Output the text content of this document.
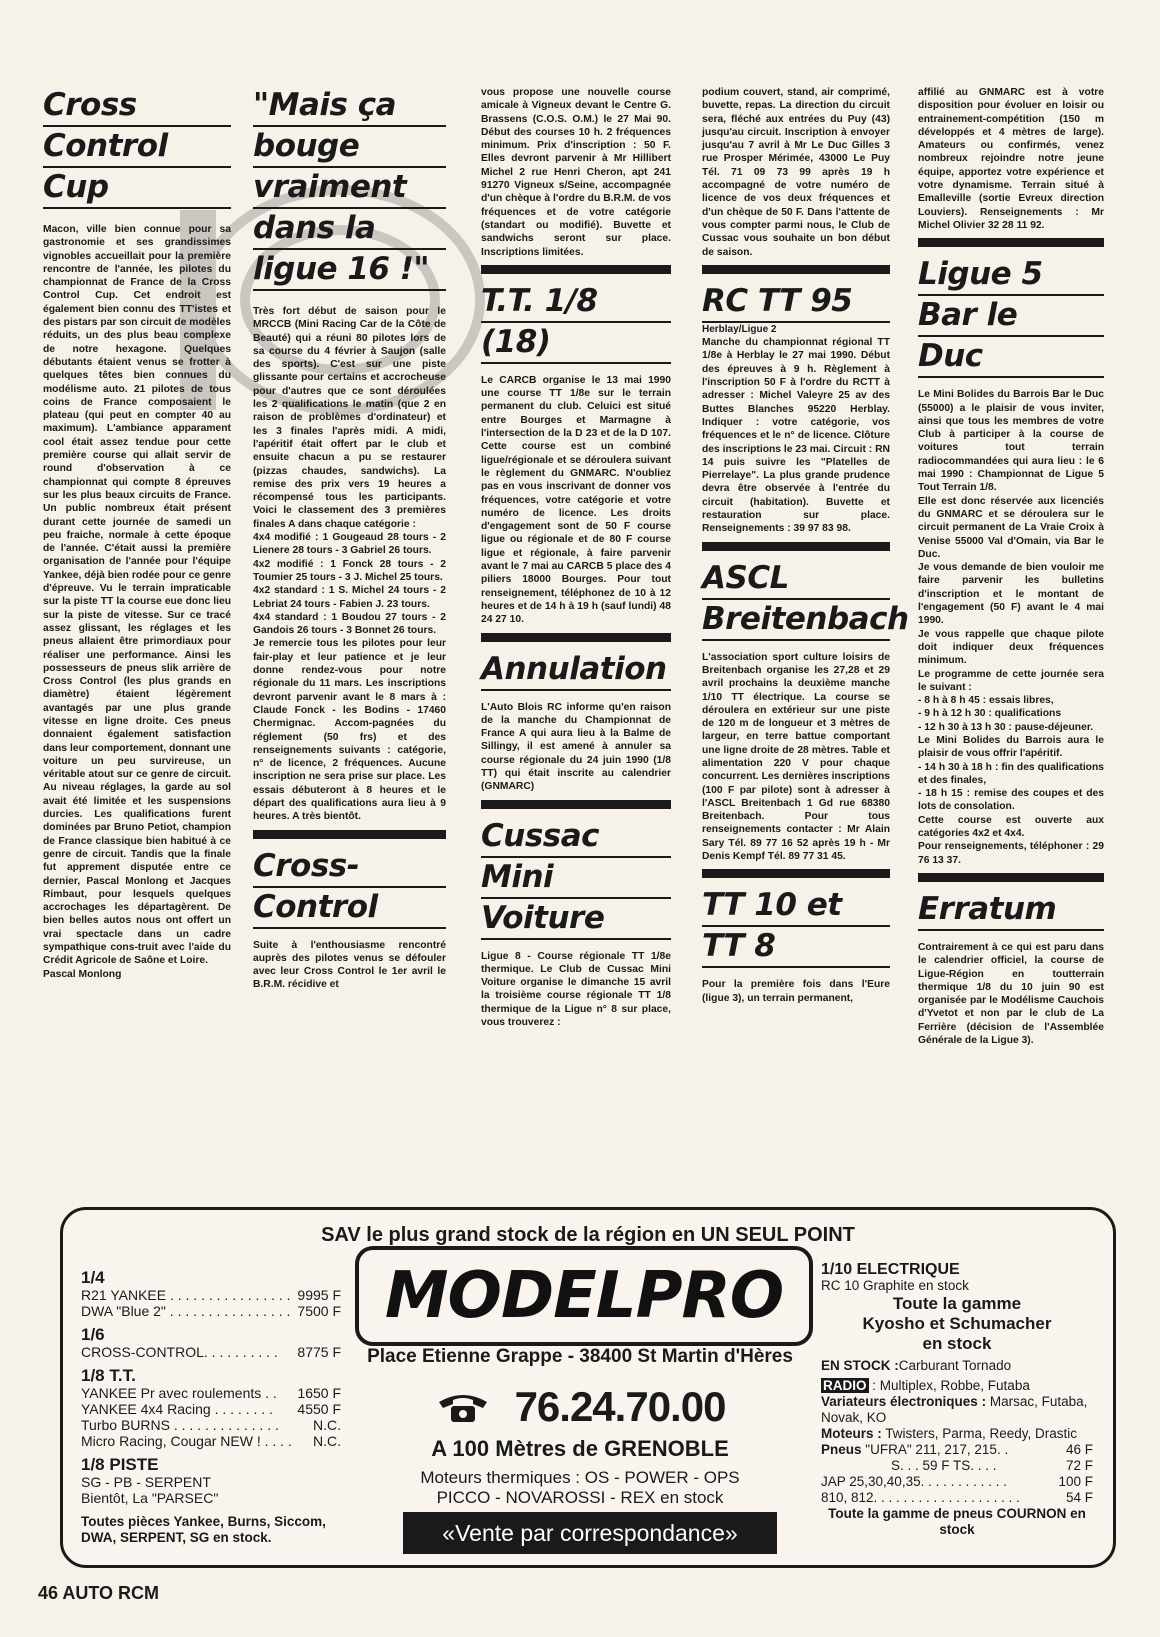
Cross
Control
Cup

Macon, ville bien connue pour sa gastronomie et ses grandissimes vignobles accueillait pour la première rencontre de l'année, les pilotes du championnat de France de la Cross Control Cup. Cet endroit est également bien connu des TT'istes et des pistars par son circuit de modèles réduits, un des plus beau complexe de notre hexagone. Quelques débutants étaient venus se frotter à quelques têtes bien connues du modélisme auto. 21 pilotes de tous coins de France composaient le plateau (qui peut en compter 40 au maximum). L'ambiance apparament cool était assez tendue pour cette première course qui allait servir de round d'observation à ce championnat qui compte 8 épreuves sur les plus beaux circuits de France. Un public nombreux était présent durant cette journée de samedi un peu fraiche, normale à cette époque de l'année. C'était aussi la première organisation de l'année pour l'équipe Yankee, déjà bien rodée pour ce genre d'épreuve. Vu le terrain impraticable sur la piste TT la course eue donc lieu sur la piste de vitesse. Sur ce tracé assez glissant, les réglages et les pneus allaient être primordiaux pour réaliser une performance. Ainsi les possesseurs de pneus slik arrière de Cross Control (les plus grands en diamètre) étaient légèrement avantagés par une plus grande vitesse en ligne droite. Ces pneus donnaient également satisfaction dans leur comportement, donnant une voiture un peu survireuse, un véritable atout sur ce genre de circuit. Au niveau réglages, la garde au sol avait été limitée et les suspensions durcies. Les qualifications furent dominées par Bruno Petiot, champion de France classique bien habitué à ce genre de circuit. Tandis que la finale fut apprement disputée entre ce dernier, Pascal Monlong et Jacques Rimbaut, pour lesquels quelques accrochages les départagèrent. De bien belles autos nous ont offert un vrai spectacle dans un cadre sympathique cons-truit avec l'aide du Crédit Agricole de Saône et Loire.

Pascal Monlong

"Mais ça
bouge
vraiment
dans la
ligue 16 !"

Très fort début de saison pour le MRCCB (Mini Racing Car de la Côte de Beauté) qui a réuni 80 pilotes lors de sa course du 4 février à Saujon (salle des sports). C'est sur une piste glissante pour certains et accrocheuse pour d'autres que ce sont déroulées les 2 qualifications le matin (que 2 en raison de problèmes d'ordinateur) et les 3 finales l'après midi. A midi, l'apéritif était offert par le club et ensuite chacun a pu se restaurer (pizzas chaudes, sandwichs). La remise des prix vers 19 heures a récompensé tous les participants. Voici le classement des 3 premières finales A dans chaque catégorie :

4x4 modifié : 1 Gougeaud 28 tours - 2 Lienere 28 tours - 3 Gabriel 26 tours.

4x2 modifié : 1 Fonck 28 tours - 2 Toumier 25 tours - 3 J. Michel 25 tours.

4x2 standard : 1 S. Michel 24 tours - 2 Lebriat 24 tours - Fabien J. 23 tours.

4x4 standard : 1 Boudou 27 tours - 2 Gandois 26 tours - 3 Bonnet 26 tours.

Je remercie tous les pilotes pour leur fair-play et leur patience et je leur donne rendez-vous pour notre régionale du 11 mars. Les inscriptions devront parvenir avant le 8 mars à : Claude Fonck - les Bodins - 17460 Chermignac. Accom-pagnées du réglement (50 frs) et des renseignements suivants : catégorie, n° de licence, 2 fréquences. Aucune inscription ne sera prise sur place. Les essais débuteront à 8 heures et le départ des qualifications aura lieu à 9 heures. A très bientôt.

Cross-
Control

Suite à l'enthousiasme rencontré auprès des pilotes venus se défouler avec leur Cross Control le 1er avril le B.R.M. récidive et

vous propose une nouvelle course amicale à Vigneux devant le Centre G. Brassens (C.O.S. O.M.) le 27 Mai 90. Début des courses 10 h. 2 fréquences minimum. Prix d'inscription : 50 F. Elles devront parvenir à Mr Hillibert Michel 2 rue Henri Cheron, apt 241 91270 Vigneux s/Seine, accompagnée d'un chèque à l'ordre du B.R.M. de vos fréquences et de votre catégorie (standart ou modifié). Buvette et sandwichs seront sur place. Inscriptions limitées.

T.T. 1/8
(18)

Le CARCB organise le 13 mai 1990 une course TT 1/8e sur le terrain permanent du club. Celuici est situé entre Bourges et Marmagne à l'intersection de la D 23 et de la D 107. Cette course est un combiné ligue/régionale et se déroulera suivant le règlement du GNMARC. N'oubliez pas en vous inscrivant de donner vos fréquences, votre catégorie et votre numéro de licence. Les droits d'engagement sont de 50 F course ligue ou régionale et de 80 F course ligue et régionale, à faire parvenir avant le 7 mai au CARCB 5 place des 4 piliers 18000 Bourges. Pour tout renseignement, téléphonez de 10 à 12 heures et de 14 h à 19 h (sauf lundi) 48 24 27 10.

Annulation

L'Auto Blois RC informe qu'en raison de la manche du Championnat de France A qui aura lieu à la Balme de Sillingy, il est amené à annuler sa course régionale du 24 juin 1990 (1/8 TT) qui était inscrite au calendrier (GNMARC)

Cussac
Mini
Voiture

Ligue 8 - Course régionale TT 1/8e thermique. Le Club de Cussac Mini Voiture organise le dimanche 15 avril la troisième course régionale TT 1/8 thermique de la Ligue n° 8 sur place, vous trouverez :

podium couvert, stand, air comprimé, buvette, repas. La direction du circuit sera, fléché aux entrées du Puy (43) jusqu'au circuit. Inscription à envoyer jusqu'au 7 avril à Mr Le Duc Gilles 3 rue Prosper Mérimée, 43000 Le Puy Tél. 71 09 73 99 après 19 h accompagné de votre numéro de licence de vos deux fréquences et d'un chèque de 50 F. Dans l'attente de vous compter parmi nous, le Club de Cussac vous souhaite un bon début de saison.

RC TT 95

Herblay/Ligue 2

Manche du championnat régional TT 1/8e à Herblay le 27 mai 1990. Début des épreuves à 9 h. Règlement à l'inscription 50 F à l'ordre du RCTT à adresser : Michel Valeyre 25 av des Buttes Blanches 95220 Herblay. Indiquer : votre catégorie, vos fréquences et le n° de licence. Clôture des inscriptions le 23 mai. Circuit : RN 14 puis suivre les "Platelles de Pierrelaye". La plus grande prudence devra être observée à l'entrée du circuit (habitation). Buvette et restauration sur place. Renseignements : 39 97 83 98.

ASCL
Breitenbach

L'association sport culture loisirs de Breitenbach organise les 27,28 et 29 avril prochains la deuxième manche 1/10 TT électrique. La course se déroulera en extérieur sur une piste de 120 m de longueur et 3 mètres de largeur, en terre battue comportant une ligne droite de 28 mètres. Table et alimentation 220 V pour chaque concurrent. Les dernières inscriptions (100 F par pilote) sont à adresser à l'ASCL Breitenbach 1 Gd rue 68380 Breitenbach. Pour tous renseignements contacter : Mr Alain Sary Tél. 89 77 16 52 après 19 h - Mr Denis Kempf Tél. 89 77 31 45.

TT 10 et
TT 8

Pour la première fois dans l'Eure (ligue 3), un terrain permanent,

affilié au GNMARC est à votre disposition pour évoluer en loisir ou entrainement-compétition (150 m développés et 4 mètres de large). Amateurs ou confirmés, venez nombreux rejoindre notre jeune équipe, apportez votre expérience et votre dynamisme. Terrain situé à Emalleville (sortie Evreux direction Louviers). Renseignements : Mr Michel Olivier 32 28 11 92.

Ligue 5
Bar le
Duc

Le Mini Bolides du Barrois Bar le Duc (55000) a le plaisir de vous inviter, ainsi que tous les membres de votre Club à participer à la course de voitures tout terrain radiocommandées qui aura lieu : le 6 mai 1990 : Championnat de Ligue 5 Tout Terrain 1/8.

Elle est donc réservée aux licenciés du GNMARC et se déroulera sur le circuit permanent de La Vraie Croix à Venise 55000 Val d'Omain, via Bar le Duc.

Je vous demande de bien vouloir me faire parvenir les bulletins d'inscription et le montant de l'engagement (50 F) avant le 4 mai 1990.

Je vous rappelle que chaque pilote doit indiquer deux fréquences minimum.

Le programme de cette journée sera le suivant :

- 8 h à 8 h 45 : essais libres,

- 9 h à 12 h 30 : qualifications

- 12 h 30 à 13 h 30 : pause-déjeuner.

Le Mini Bolides du Barrois aura le plaisir de vous offrir l'apéritif.

- 14 h 30 à 18 h : fin des qualifications et des finales,

- 18 h 15 : remise des coupes et des lots de consolation.

Cette course est ouverte aux catégories 4x2 et 4x4.

Pour renseignements, téléphoner : 29 76 13 37.

Erratum

Contrairement à ce qui est paru dans le calendrier officiel, la course de Ligue-Région en toutterrain thermique 1/8 du 10 juin 90 est organisée par le Modélisme Cauchois d'Yvetot et non par le club de La Ferrière (décision de l'Assemblée Générale de la Ligue 3).

SAV le plus grand stock de la région en UN SEUL POINT
1/4
R21 YANKEE . . . . . . . . . . . . . . . . 9995 F
DWA "Blue 2" . . . . . . . . . . . . . . . . 7500 F
1/6
CROSS-CONTROL. . . . . . . . . . 8775 F
1/8 T.T.
YANKEE Pr avec roulements . . 1650 F
YANKEE 4x4 Racing . . . . . . . . 4550 F
Turbo BURNS . . . . . . . . . . . . . . N.C.
Micro Racing, Cougar NEW ! . . . . N.C.
1/8 PISTE
SG - PB - SERPENT
Bientôt, La "PARSEC"
Toutes pièces Yankee, Burns, Siccom, DWA, SERPENT, SG en stock.
MODELPRO
Place Etienne Grappe - 38400 St Martin d'Hères
76.24.70.00
A 100 Mètres de GRENOBLE
Moteurs thermiques : OS - POWER - OPS
PICCO - NOVAROSSI - REX en stock
«Vente par correspondance»
1/10 ELECTRIQUE
RC 10 Graphite en stock
Toute la gamme
Kyosho et Schumacher
en stock
EN STOCK :Carburant Tornado
RADIO : Multiplex, Robbe, Futaba
Variateurs électroniques : Marsac, Futaba, Novak, KO
Moteurs : Twisters, Parma, Reedy, Drastic
Pneus "UFRA" 211, 217, 215. .	46 F
S. . . 59 F TS. . . .	72 F
JAP 25,30,40,35. . . . . . . . . . . .	100 F
810, 812. . . . . . . . . . . . . . . . . . . .	54 F
Toute la gamme de pneus COURNON en stock
46 AUTO RCM
